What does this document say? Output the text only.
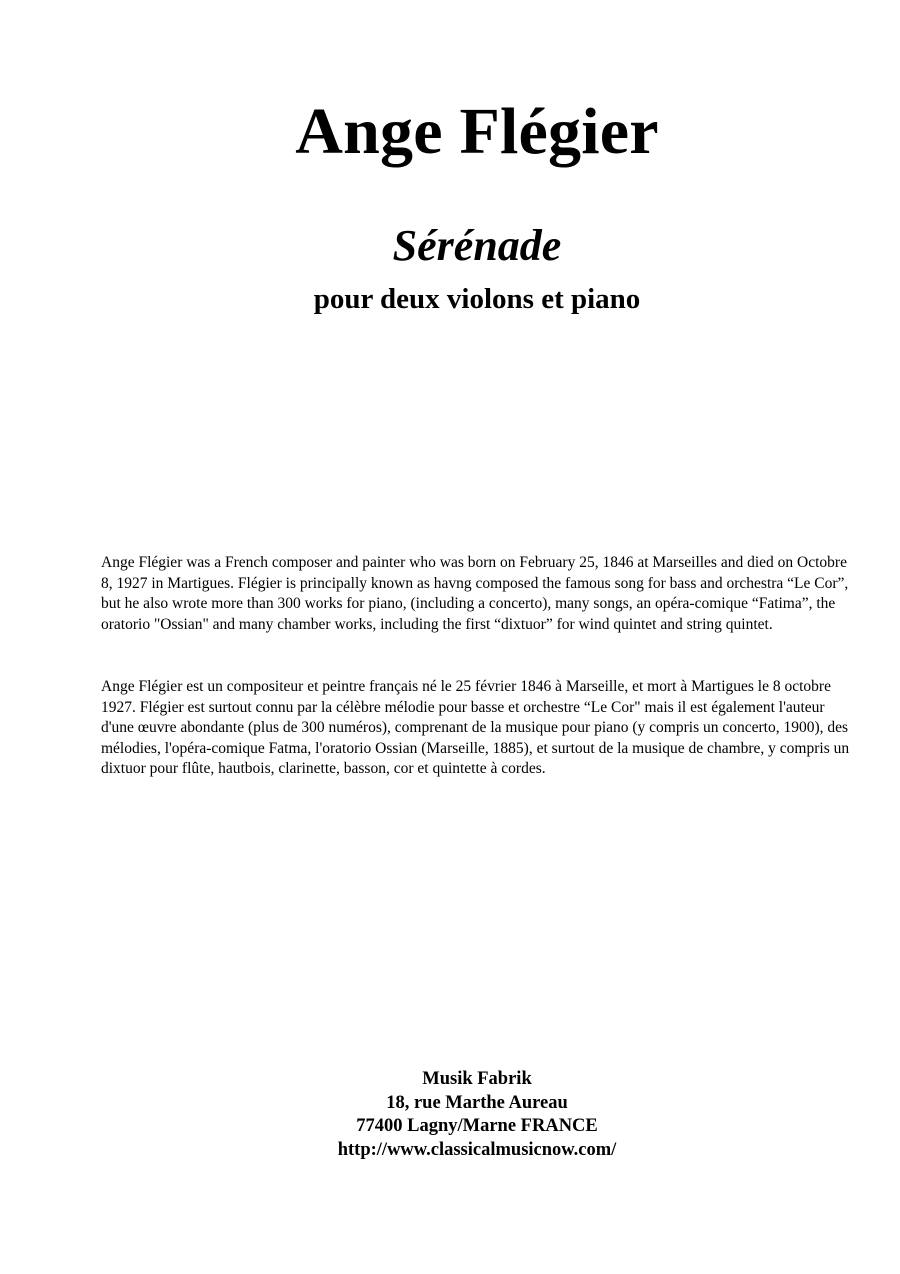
Ange Flégier
Sérénade
pour deux violons et piano

Ange Flégier was a French composer and painter who was born on February 25, 1846 at Marseilles and died on Octobre 8, 1927 in Martigues. Flégier is principally known as havng composed the famous song for bass and orchestra “Le Cor”, but he also wrote more than 300 works for piano, (including a concerto), many songs, an opéra-comique “Fatima”, the oratorio "Ossian" and many chamber works, including the first “dixtuor” for wind quintet and string quintet.

Ange Flégier est un compositeur et peintre français né le 25 février 1846 à Marseille, et mort à Martigues le 8 octobre 1927. Flégier est surtout connu par la célèbre mélodie pour basse et orchestre “Le Cor" mais il est également l'auteur d'une œuvre abondante (plus de 300 numéros), comprenant de la musique pour piano (y compris un concerto, 1900), des mélodies, l'opéra-comique Fatma, l'oratorio Ossian (Marseille, 1885), et surtout de la musique de chambre, y compris un dixtuor pour flûte, hautbois, clarinette, basson, cor et quintette à cordes.

Musik Fabrik
18, rue Marthe Aureau
77400 Lagny/Marne FRANCE
http://www.classicalmusicnow.com/
